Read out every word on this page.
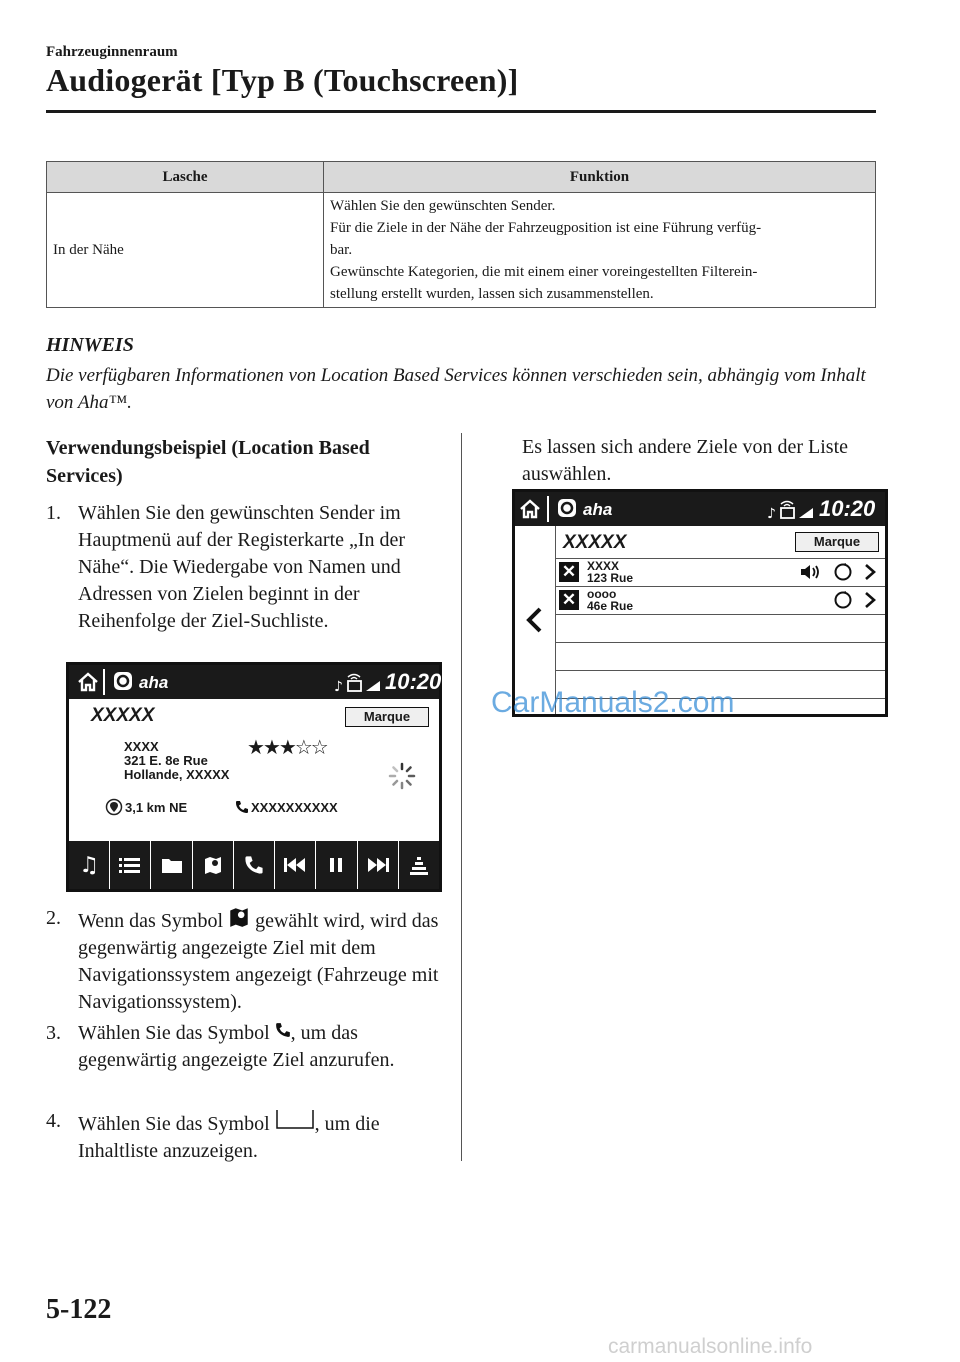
Fahrzeuginnenraum
Audiogerät [Typ B (Touchscreen)]
Lasche	Funktion
In der Nähe	Wählen Sie den gewünschten Sender.
Für die Ziele in der Nähe der Fahrzeugposition ist eine Führung verfüg-
bar.
Gewünschte Kategorien, die mit einem einer voreingestellten Filterein-
stellung erstellt wurden, lassen sich zusammenstellen.
HINWEIS
Die verfügbaren Informationen von Location Based Services können verschieden sein, abhängig vom Inhalt von Aha™.
Verwendungsbeispiel (Location Based Services)
1. Wählen Sie den gewünschten Sender im Hauptmenü auf der Registerkarte „In der Nähe“. Die Wiedergabe von Namen und Adressen von Zielen beginnt in der Reihenfolge der Ziel-Suchliste.
aha	♪ 10:20
XXXXX	Marque
XXXX
321 E. 8e Rue
Hollande, XXXXX
★★★☆☆
3,1 km NE	XXXXXXXXXX
♫
2. Wenn das Symbol gewählt wird, wird das gegenwärtig angezeigte Ziel mit dem Navigationssystem angezeigt (Fahrzeuge mit Navigationssystem).
3. Wählen Sie das Symbol , um das gegenwärtig angezeigte Ziel anzurufen.
4. Wählen Sie das Symbol , um die Inhaltliste anzuzeigen.
Es lassen sich andere Ziele von der Liste auswählen.
aha	♪ 10:20
XXXXX	Marque
✕ XXXX
123 Rue
✕ oooo
46e Rue
CarManuals2.com
5-122
carmanualsonline.info
